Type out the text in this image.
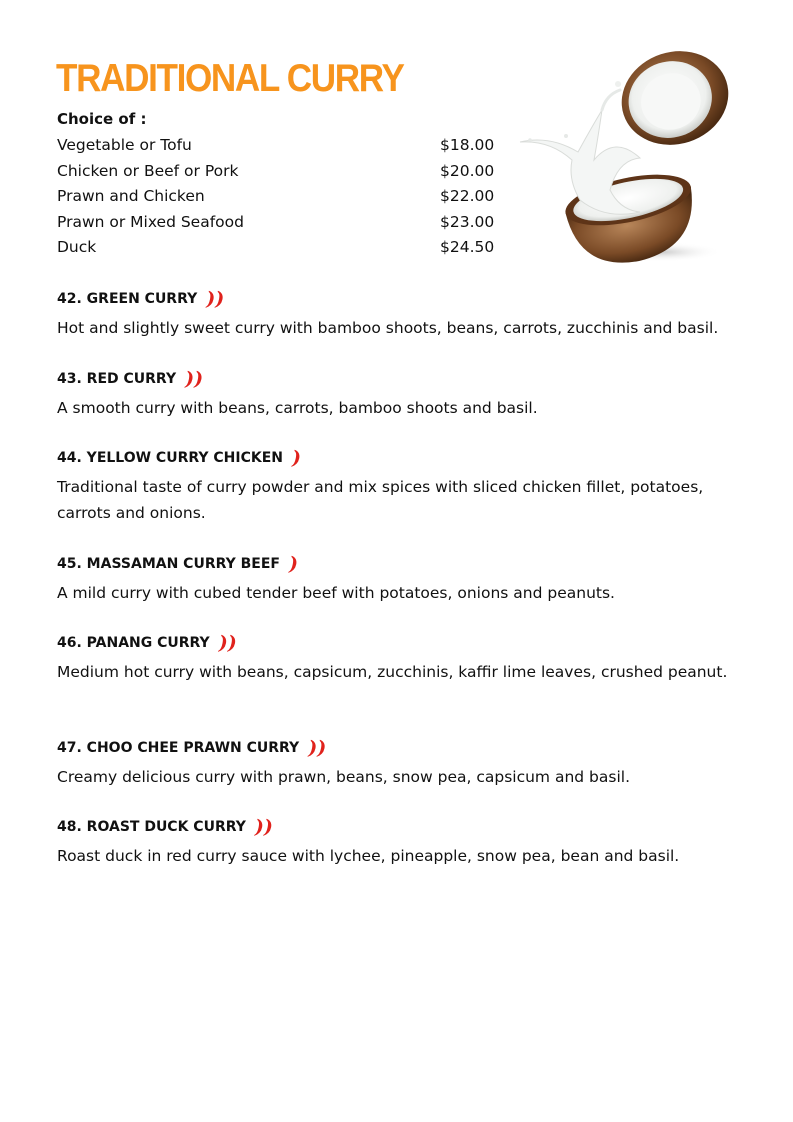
TRADITIONAL CURRY
Choice of :
Vegetable or Tofu	$18.00
Chicken or Beef or Pork	$20.00
Prawn and Chicken	$22.00
Prawn or Mixed Seafood	$23.00
Duck	$24.50
42. GREEN CURRY ))
Hot and slightly sweet curry with bamboo shoots, beans, carrots, zucchinis and basil.
43. RED CURRY ))
A smooth curry with beans, carrots, bamboo shoots and basil.
44. YELLOW CURRY CHICKEN )
Traditional taste of curry powder and mix spices with sliced chicken fillet, potatoes, carrots and onions.
45. MASSAMAN CURRY BEEF )
A mild curry with cubed tender beef with potatoes, onions and peanuts.
46. PANANG CURRY ))
Medium hot curry with beans, capsicum, zucchinis, kaffir lime leaves, crushed peanut.
47. CHOO CHEE PRAWN CURRY ))
Creamy delicious curry with prawn, beans, snow pea, capsicum and basil.
48. ROAST DUCK CURRY ))
Roast duck in red curry sauce with lychee, pineapple, snow pea, bean and basil.
